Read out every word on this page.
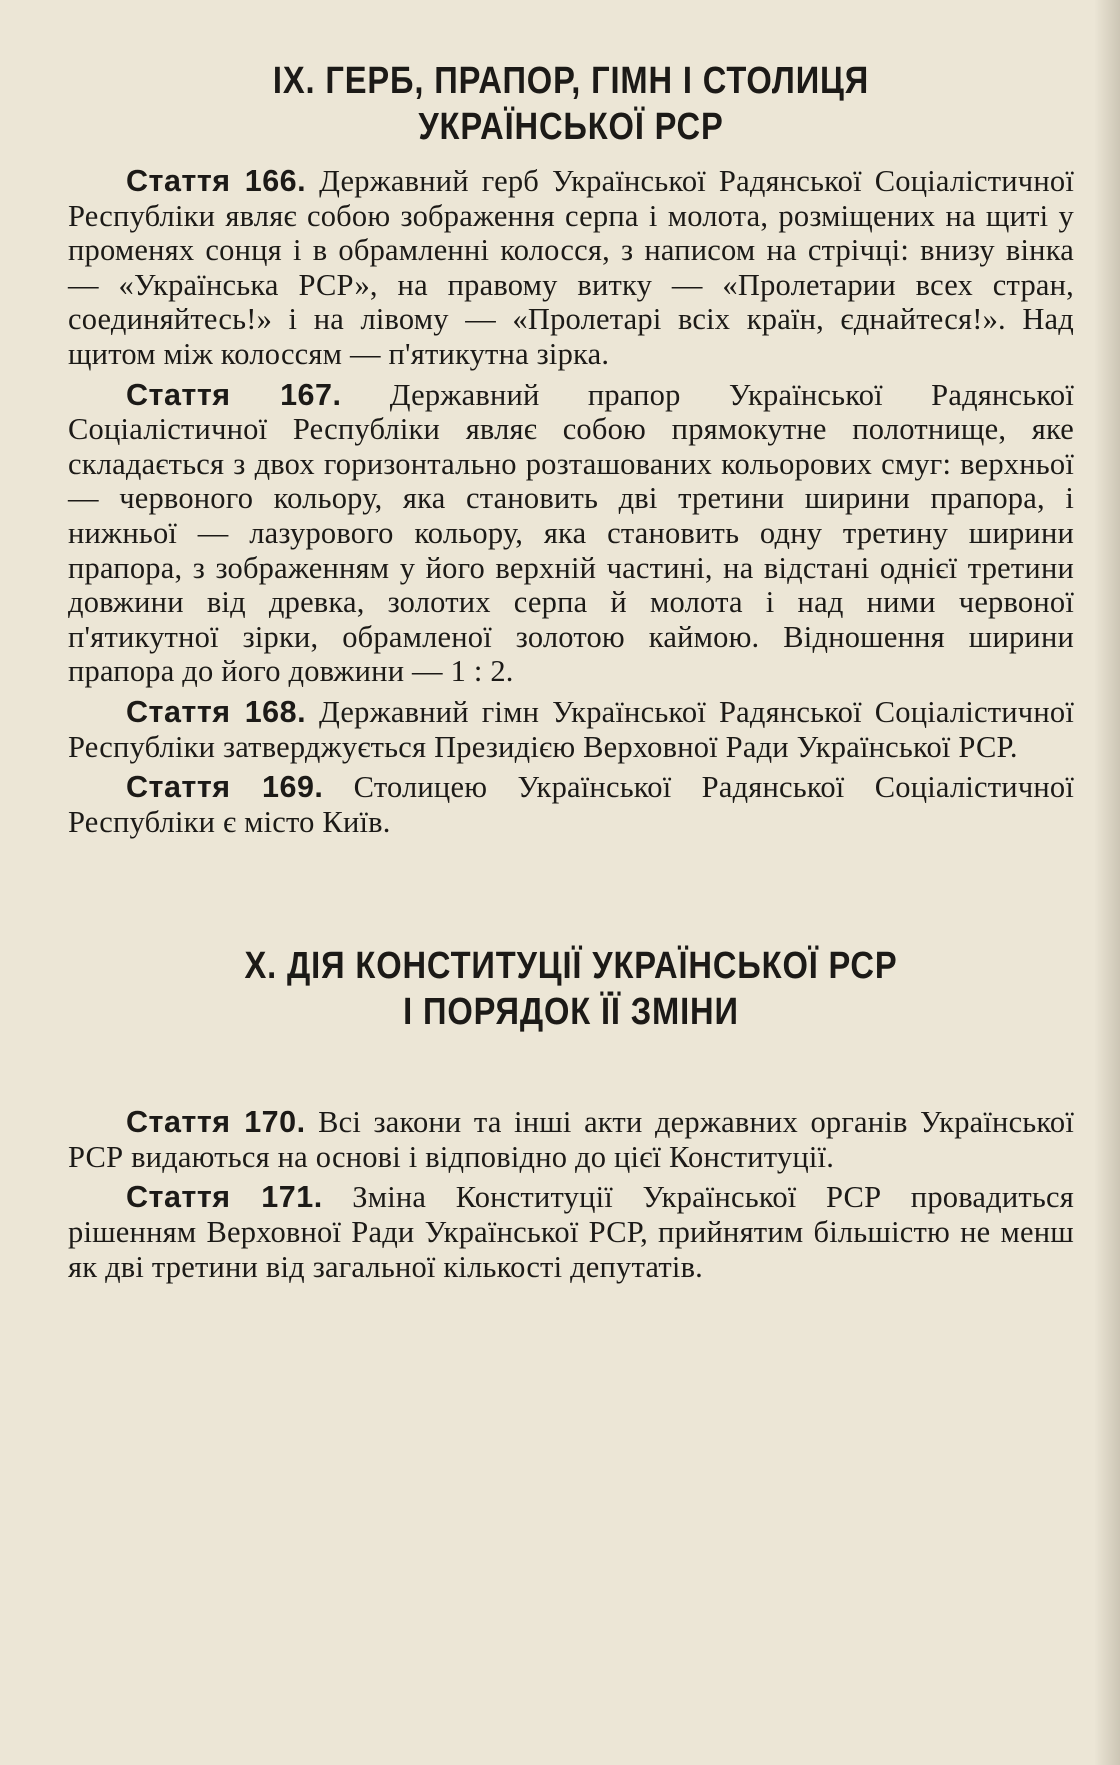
IX. ГЕРБ, ПРАПОР, ГІМН І СТОЛИЦЯ
УКРАЇНСЬКОЇ РСР

Стаття 166. Державний герб Української Радянської Соціалістичної Республіки являє собою зображення серпа і молота, розміщених на щиті у променях сонця і в обрамленні колосся, з написом на стрічці: внизу вінка — «Українська РСР», на правому витку — «Пролетарии всех стран, соединяйтесь!» і на лівому — «Пролетарі всіх країн, єднайтеся!». Над щитом між колоссям — п'ятикутна зірка.

Стаття 167. Державний прапор Української Радянської Соціалістичної Республіки являє собою прямокутне полотнище, яке складається з двох горизонтально розташованих кольорових смуг: верхньої — червоного кольору, яка становить дві третини ширини прапора, і нижньої — лазурового кольору, яка становить одну третину ширини прапора, з зображенням у його верхній частині, на відстані однієї третини довжини від древка, золотих серпа й молота і над ними червоної п'ятикутної зірки, обрамленої золотою каймою. Відношення ширини прапора до його довжини — 1 : 2.

Стаття 168. Державний гімн Української Радянської Соціалістичної Республіки затверджується Президією Верховної Ради Української РСР.

Стаття 169. Столицею Української Радянської Соціалістичної Республіки є місто Київ.

X. ДІЯ КОНСТИТУЦІЇ УКРАЇНСЬКОЇ РСР
І ПОРЯДОК ЇЇ ЗМІНИ

Стаття 170. Всі закони та інші акти державних органів Української РСР видаються на основі і відповідно до цієї Конституції.

Стаття 171. Зміна Конституції Української РСР провадиться рішенням Верховної Ради Української РСР, прийнятим більшістю не менш як дві третини від загальної кількості депутатів.
